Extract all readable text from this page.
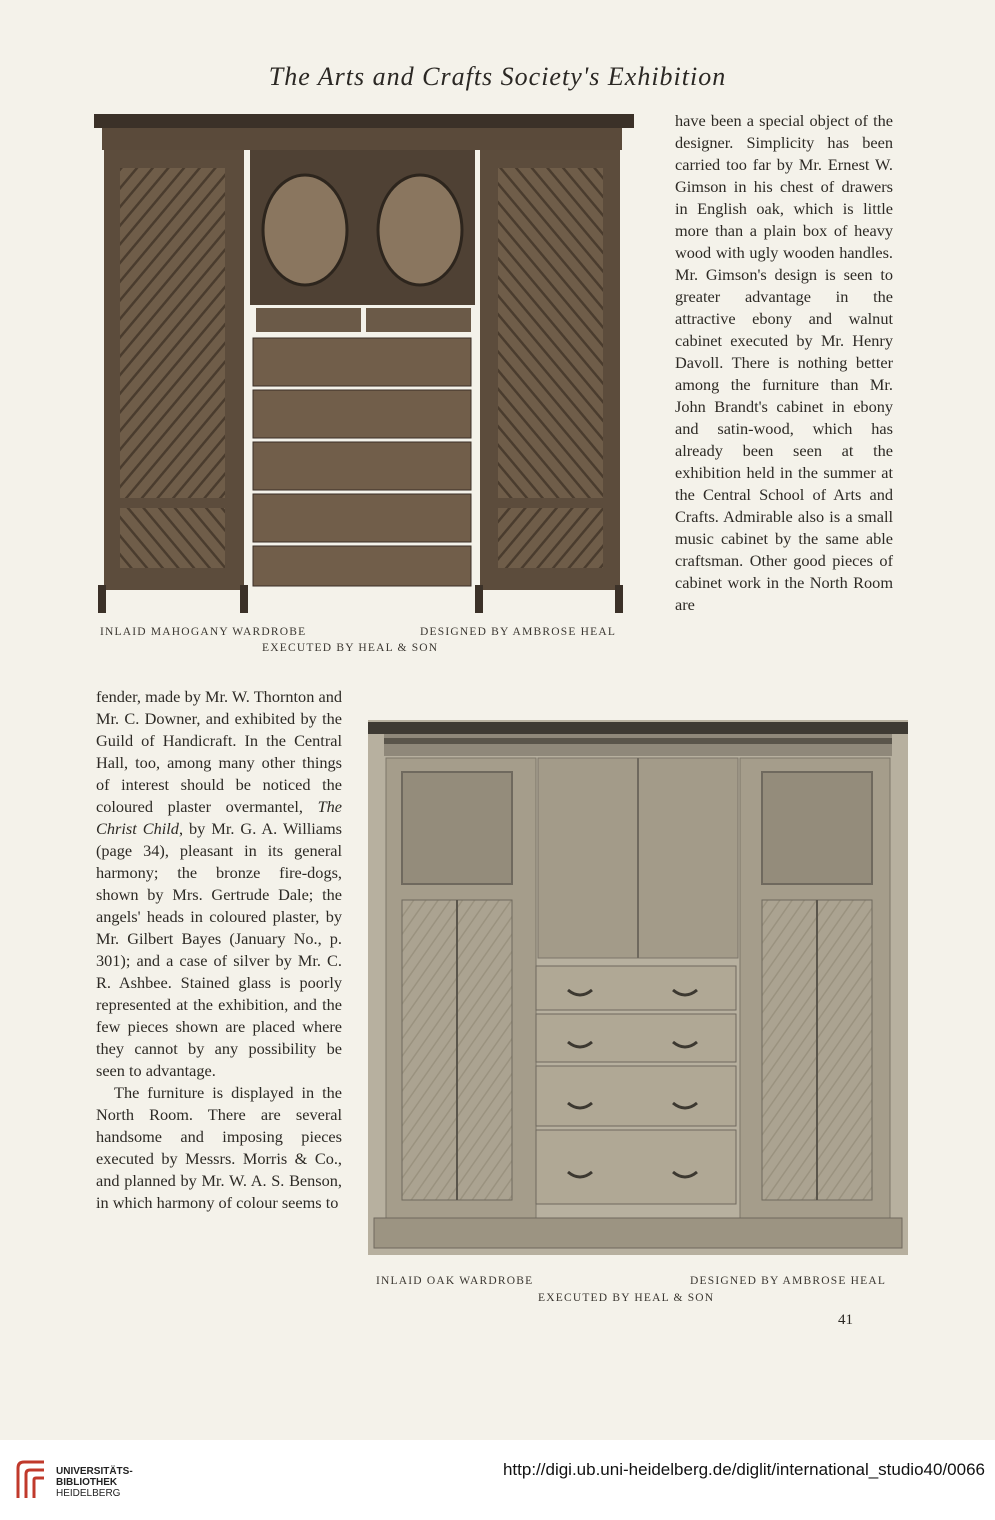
The Arts and Crafts Society's Exhibition
INLAID MAHOGANY WARDROBE	DESIGNED BY AMBROSE HEAL
EXECUTED BY HEAL & SON

have been a special object of the designer. Simplicity has been carried too far by Mr. Ernest W. Gimson in his chest of drawers in English oak, which is little more than a plain box of heavy wood with ugly wooden handles. Mr. Gimson's design is seen to greater advantage in the attractive ebony and walnut cabinet executed by Mr. Henry Davoll. There is nothing better among the furniture than Mr. John Brandt's cabinet in ebony and satin-wood, which has already been seen at the exhibition held in the summer at the Central School of Arts and Crafts. Admirable also is a small music cabinet by the same able craftsman. Other good pieces of cabinet work in the North Room are

fender, made by Mr. W. Thornton and Mr. C. Downer, and exhibited by the Guild of Handicraft. In the Central Hall, too, among many other things of interest should be noticed the coloured plaster overmantel, The Christ Child, by Mr. G. A. Williams (page 34), pleasant in its general harmony; the bronze fire-dogs, shown by Mrs. Gertrude Dale; the angels' heads in coloured plaster, by Mr. Gilbert Bayes (January No., p. 301); and a case of silver by Mr. C. R. Ashbee. Stained glass is poorly represented at the exhibition, and the few pieces shown are placed where they cannot by any possibility be seen to advantage.

The furniture is displayed in the North Room. There are several handsome and imposing pieces executed by Messrs. Morris & Co., and planned by Mr. W. A. S. Benson, in which harmony of colour seems to

INLAID OAK WARDROBE	DESIGNED BY AMBROSE HEAL
EXECUTED BY HEAL & SON
41
UNIVERSITÄTS-
BIBLIOTHEK
HEIDELBERG
http://digi.ub.uni-heidelberg.de/diglit/international_studio40/0066
